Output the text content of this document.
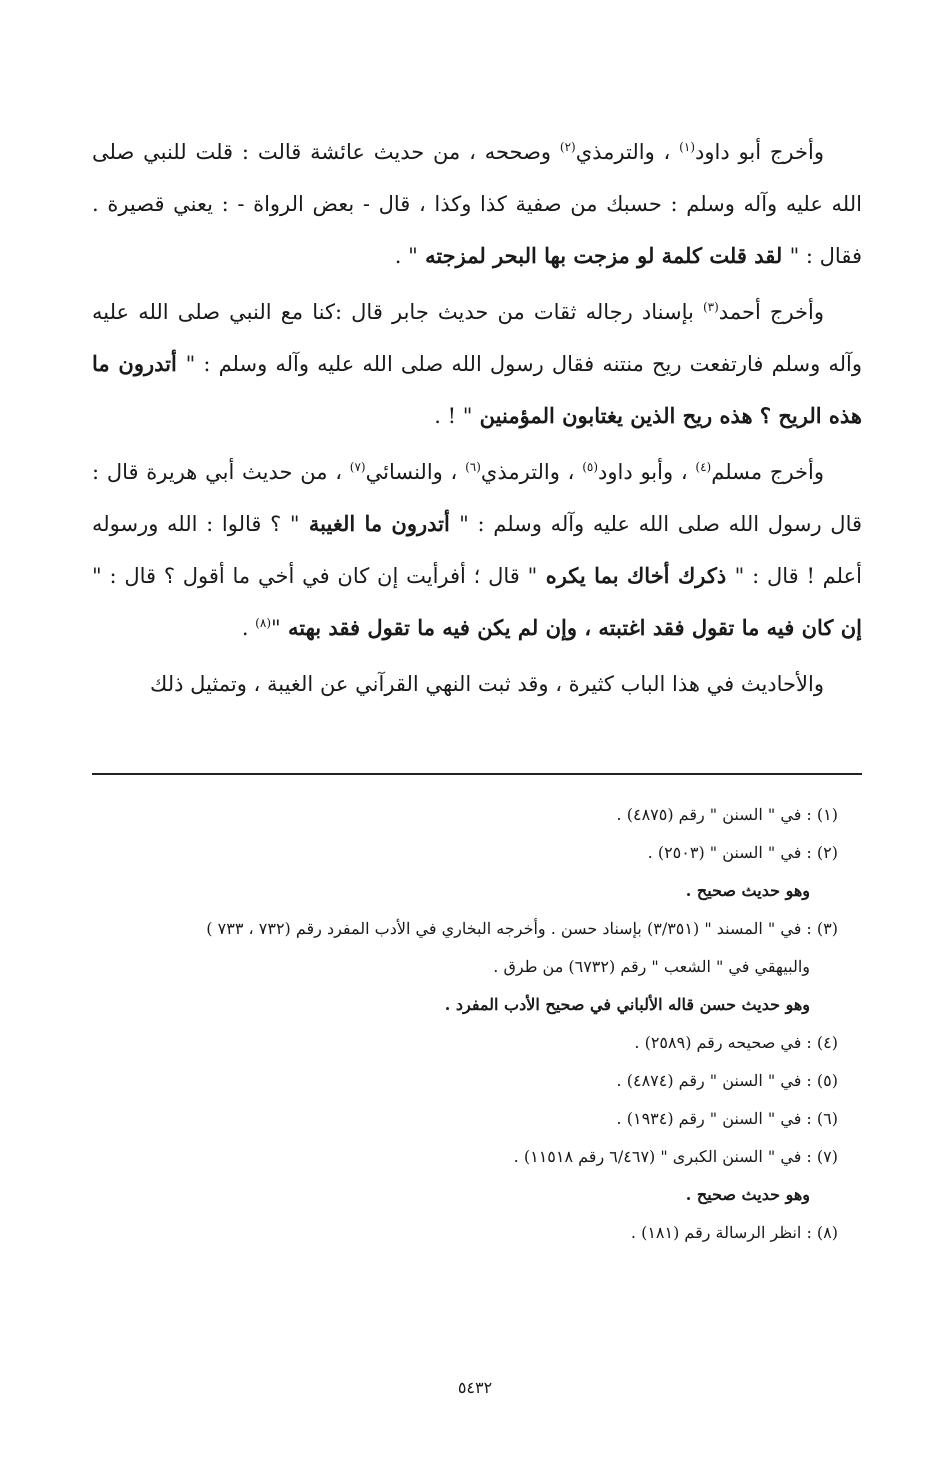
وأخرج أبو داود$^{(١)}$ ، والترمذي$^{(٢)}$ وصححه ، من حديث عائشة قالت : قلت للنبي صلى الله عليه وآله وسلم : حسبك من صفية كذا وكذا ، قال - بعض الرواة - : يعني قصيرة . فقال : " لقد قلت كلمة لو مزجت بها البحر لمزجته " .

وأخرج أحمد$^{(٣)}$ بإسناد رجاله ثقات من حديث جابر قال :كنا مع النبي صلى الله عليه وآله وسلم فارتفعت ريح منتنه فقال رسول الله صلى الله عليه وآله وسلم : " أتدرون ما هذه الريح ؟ هذه ريح الذين يغتابون المؤمنين " ! .

وأخرج مسلم$^{(٤)}$ ، وأبو داود$^{(٥)}$ ، والترمذي$^{(٦)}$ ، والنسائي$^{(٧)}$ ، من حديث أبي هريرة قال : قال رسول الله صلى الله عليه وآله وسلم : " أتدرون ما الغيبة " ؟ قالوا : الله ورسوله أعلم ! قال : " ذكرك أخاك بما يكره " قال ؛ أفرأيت إن كان في أخي ما أقول ؟ قال : " إن كان فيه ما تقول فقد اغتبته ، وإن لم يكن فيه ما تقول فقد بهته "$^{(٨)}$ .

والأحاديث في هذا الباب كثيرة ، وقد ثبت النهي القرآني عن الغيبة ، وتمثيل ذلك

(١) : في " السنن " رقم (٤٨٧٥) .

(٢) : في " السنن " (٢٥٠٣) .

وهو حديث صحيح .

(٣) : في " المسند " (٣/٣٥١) بإسناد حسن . وأخرجه البخاري في الأدب المفرد رقم (٧٣٢ ، ٧٣٣ )

والبيهقي في " الشعب " رقم (٦٧٣٢) من طرق .

وهو حديث حسن قاله الألباني في صحيح الأدب المفرد .

(٤) : في صحيحه رقم (٢٥٨٩) .

(٥) : في " السنن " رقم (٤٨٧٤) .

(٦) : في " السنن " رقم (١٩٣٤) .

(٧) : في " السنن الكبرى " (٦/٤٦٧ رقم ١١٥١٨) .

وهو حديث صحيح .

(٨) : انظر الرسالة رقم (١٨١) .

٥٤٣٢
